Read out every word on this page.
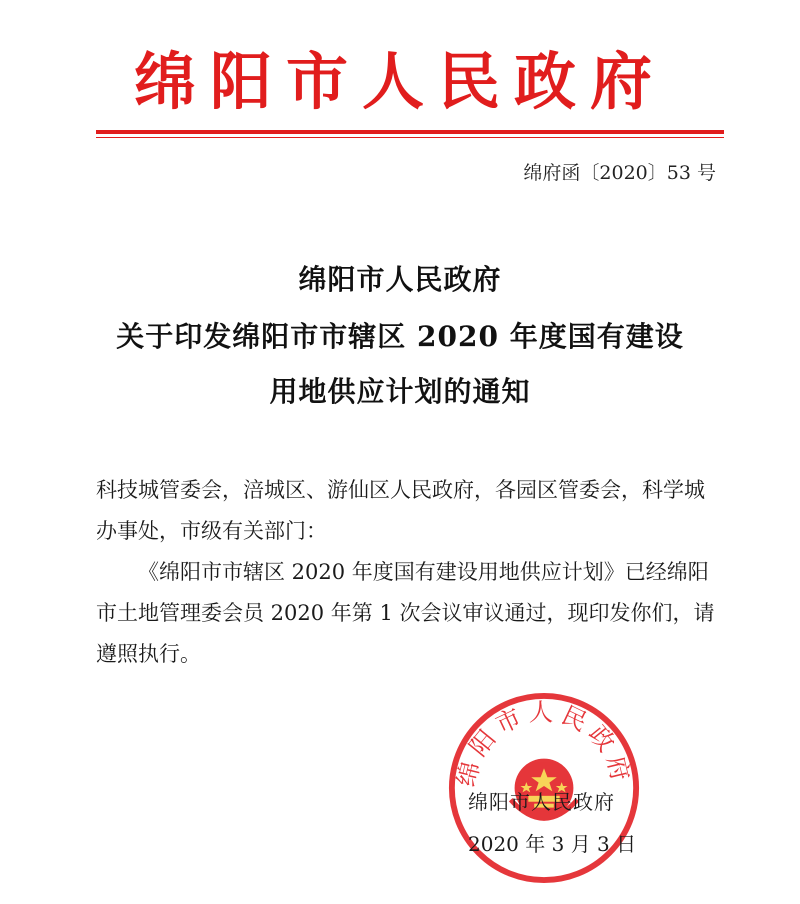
绵阳市人民政府
绵府函〔2020〕53 号
绵阳市人民政府
关于印发绵阳市市辖区 2020 年度国有建设
用地供应计划的通知
科技城管委会，涪城区、游仙区人民政府，各园区管委会，科学城办事处，市级有关部门：
《绵阳市市辖区 2020 年度国有建设用地供应计划》已经绵阳市土地管理委会员 2020 年第 1 次会议审议通过，现印发你们，请遵照执行。
绵阳市人民政府
绵阳市人民政府
2020 年 3 月 3 日
